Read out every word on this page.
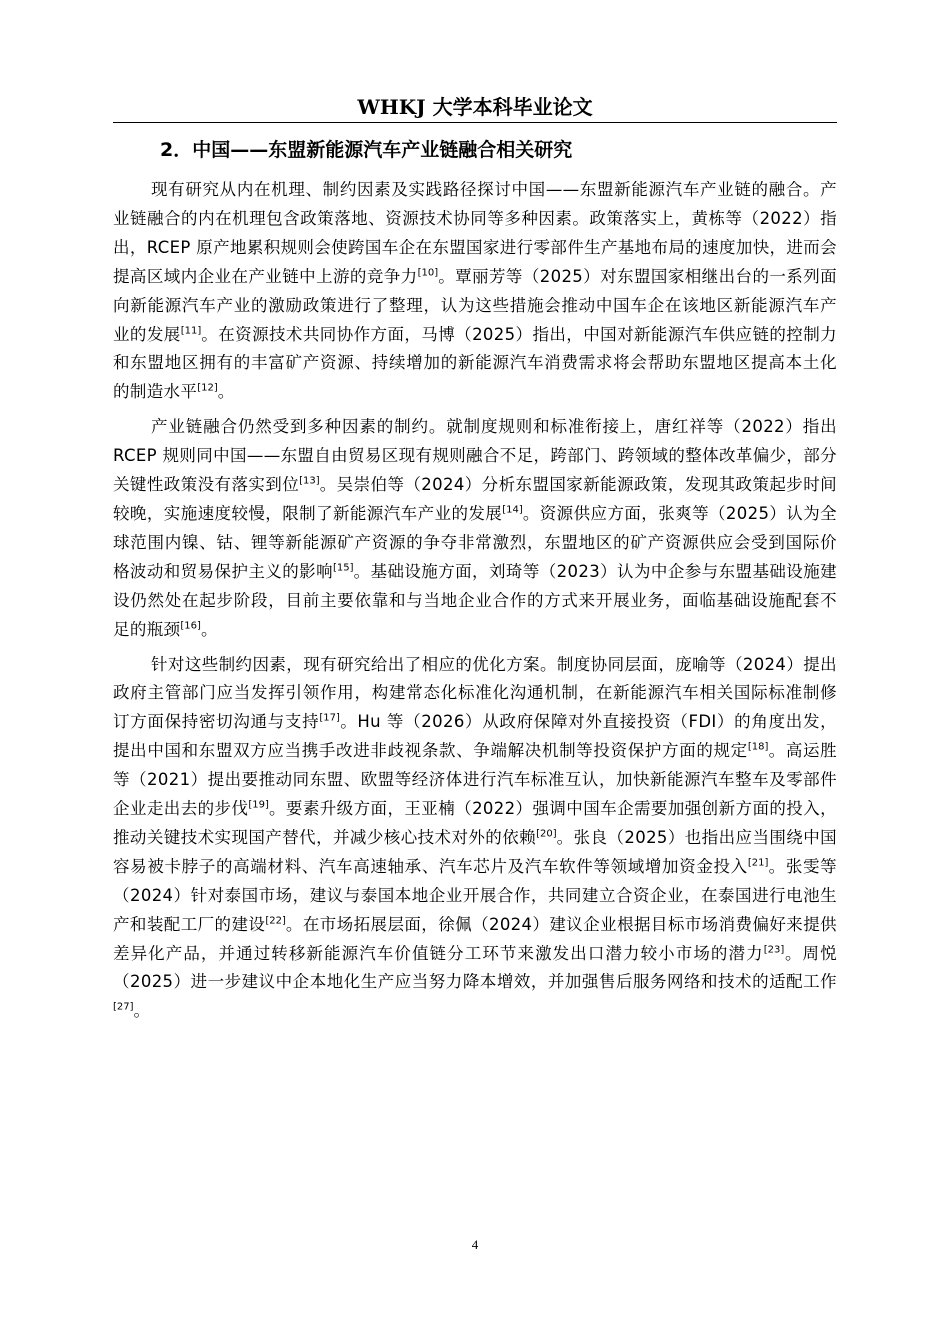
WHKJ 大学本科毕业论文
2．中国——东盟新能源汽车产业链融合相关研究

现有研究从内在机理、制约因素及实践路径探讨中国——东盟新能源汽车产业链的融合。产业链融合的内在机理包含政策落地、资源技术协同等多种因素。政策落实上，黄栋等（2022）指出，RCEP 原产地累积规则会使跨国车企在东盟国家进行零部件生产基地布局的速度加快，进而会提高区域内企业在产业链中上游的竞争力[10]。覃丽芳等（2025）对东盟国家相继出台的一系列面向新能源汽车产业的激励政策进行了整理，认为这些措施会推动中国车企在该地区新能源汽车产业的发展[11]。在资源技术共同协作方面，马博（2025）指出，中国对新能源汽车供应链的控制力和东盟地区拥有的丰富矿产资源、持续增加的新能源汽车消费需求将会帮助东盟地区提高本土化的制造水平[12]。

产业链融合仍然受到多种因素的制约。就制度规则和标准衔接上，唐红祥等（2022）指出 RCEP 规则同中国——东盟自由贸易区现有规则融合不足，跨部门、跨领域的整体改革偏少，部分关键性政策没有落实到位[13]。吴崇伯等（2024）分析东盟国家新能源政策，发现其政策起步时间较晚，实施速度较慢，限制了新能源汽车产业的发展[14]。资源供应方面，张爽等（2025）认为全球范围内镍、钴、锂等新能源矿产资源的争夺非常激烈，东盟地区的矿产资源供应会受到国际价格波动和贸易保护主义的影响[15]。基础设施方面，刘琦等（2023）认为中企参与东盟基础设施建设仍然处在起步阶段，目前主要依靠和与当地企业合作的方式来开展业务，面临基础设施配套不足的瓶颈[16]。

针对这些制约因素，现有研究给出了相应的优化方案。制度协同层面，庞喻等（2024）提出政府主管部门应当发挥引领作用，构建常态化标准化沟通机制，在新能源汽车相关国际标准制修订方面保持密切沟通与支持[17]。Hu 等（2026）从政府保障对外直接投资（FDI）的角度出发，提出中国和东盟双方应当携手改进非歧视条款、争端解决机制等投资保护方面的规定[18]。高运胜等（2021）提出要推动同东盟、欧盟等经济体进行汽车标准互认，加快新能源汽车整车及零部件企业走出去的步伐[19]。要素升级方面，王亚楠（2022）强调中国车企需要加强创新方面的投入，推动关键技术实现国产替代，并减少核心技术对外的依赖[20]。张良（2025）也指出应当围绕中国容易被卡脖子的高端材料、汽车高速轴承、汽车芯片及汽车软件等领域增加资金投入[21]。张雯等（2024）针对泰国市场，建议与泰国本地企业开展合作，共同建立合资企业，在泰国进行电池生产和装配工厂的建设[22]。在市场拓展层面，徐佩（2024）建议企业根据目标市场消费偏好来提供差异化产品，并通过转移新能源汽车价值链分工环节来激发出口潜力较小市场的潜力[23]。周悦（2025）进一步建议中企本地化生产应当努力降本增效，并加强售后服务网络和技术的适配工作[27]。

4
